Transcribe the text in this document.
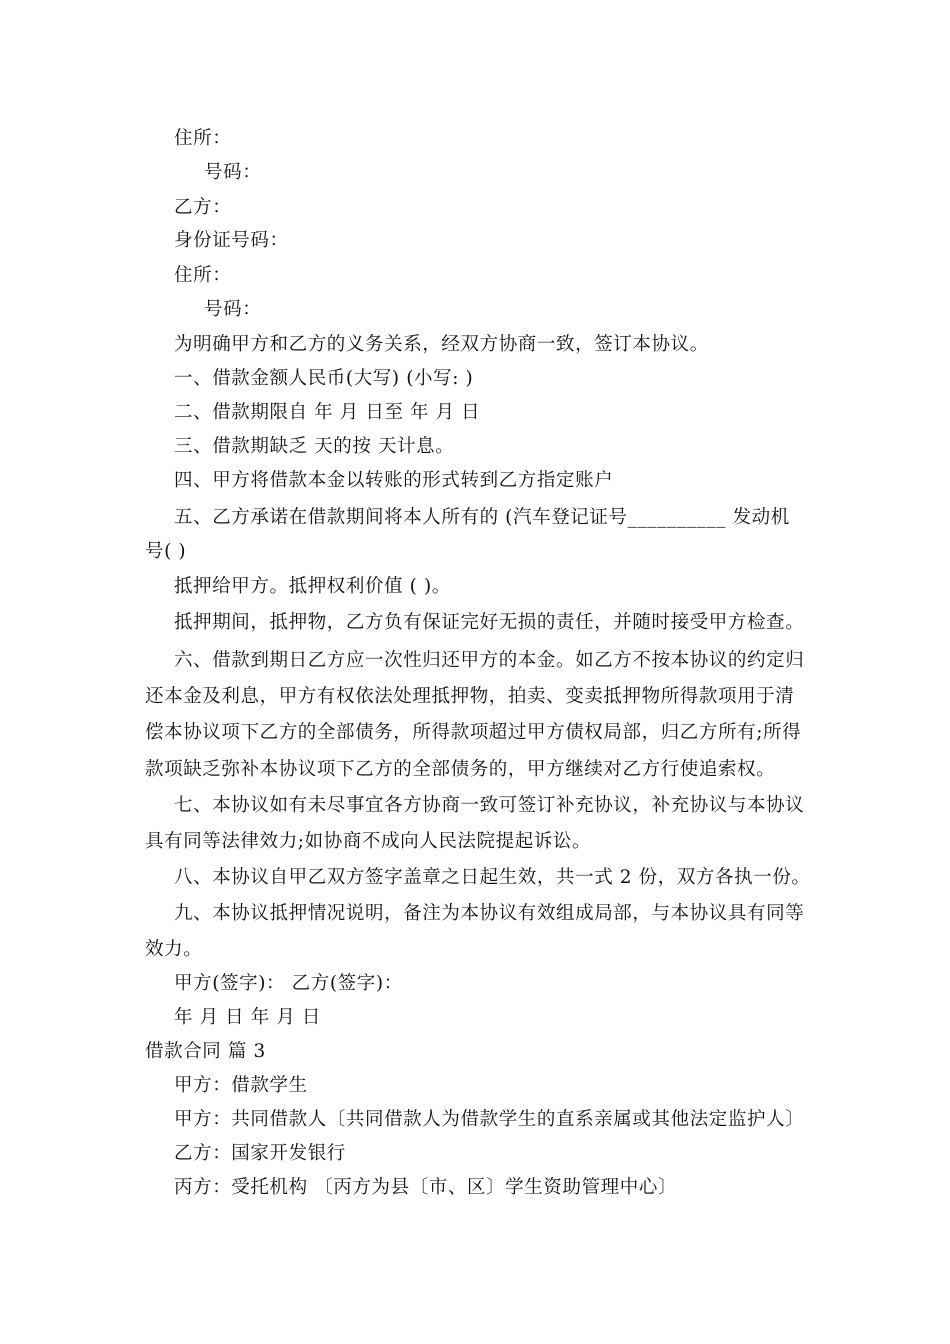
住所：
号码：
乙方：
身份证号码：
住所：
号码：
为明确甲方和乙方的义务关系，经双方协商一致，签订本协议。
一、借款金额人民币(大写) (小写: )
二、借款期限自 年 月 日至 年 月 日
三、借款期缺乏 天的按 天计息。
四、甲方将借款本金以转账的形式转到乙方指定账户
五、乙方承诺在借款期间将本人所有的 (汽车登记证号__________ 发动机
号( )
抵押给甲方。抵押权利价值 ( )。
抵押期间，抵押物，乙方负有保证完好无损的责任，并随时接受甲方检查。
六、借款到期日乙方应一次性归还甲方的本金。如乙方不按本协议的约定归
还本金及利息，甲方有权依法处理抵押物，拍卖、变卖抵押物所得款项用于清
偿本协议项下乙方的全部债务，所得款项超过甲方债权局部，归乙方所有;所得
款项缺乏弥补本协议项下乙方的全部债务的，甲方继续对乙方行使追索权。
七、本协议如有未尽事宜各方协商一致可签订补充协议，补充协议与本协议
具有同等法律效力;如协商不成向人民法院提起诉讼。
八、本协议自甲乙双方签字盖章之日起生效，共一式 2 份，双方各执一份。
九、本协议抵押情况说明，备注为本协议有效组成局部，与本协议具有同等
效力。
甲方(签字)： 乙方(签字)：
年 月 日 年 月 日
借款合同 篇 3
甲方：借款学生
甲方：共同借款人〔共同借款人为借款学生的直系亲属或其他法定监护人〕
乙方：国家开发银行
丙方：受托机构 〔丙方为县〔市、区〕学生资助管理中心〕
